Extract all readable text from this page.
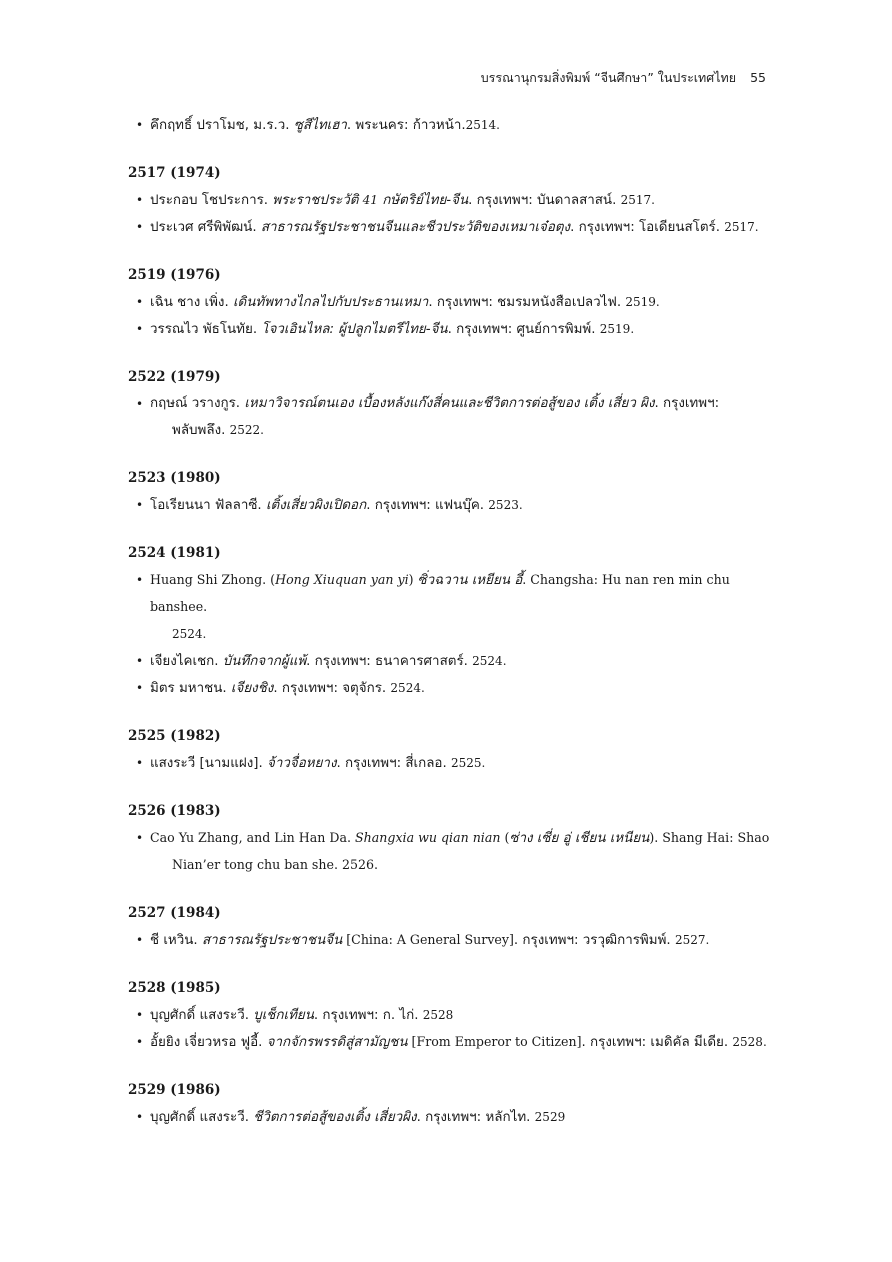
บรรณานุกรมสิ่งพิมพ์ “จีนศึกษา” ในประเทศไทย 55
• คึกฤทธิ์ ปราโมช, ม.ร.ว. ซูสีไทเฮา. พระนคร: ก้าวหน้า.2514.
2517 (1974)
• ประกอบ โชประการ. พระราชประวัติ 41 กษัตริย์ไทย-จีน. กรุงเทพฯ: บันดาลสาสน์. 2517.
• ประเวศ ศรีพิพัฒน์. สาธารณรัฐประชาชนจีนและชีวประวัติของเหมาเจ๋อตุง. กรุงเทพฯ: โอเดียนสโตร์. 2517.
2519 (1976)
• เฉิน ชาง เพิ่ง. เดินทัพทางไกลไปกับประธานเหมา. กรุงเทพฯ: ชมรมหนังสือเปลวไฟ. 2519.
• วรรณไว พัธโนทัย. โจวเอินไหล: ผู้ปลูกไมตรีไทย-จีน. กรุงเทพฯ: ศูนย์การพิมพ์. 2519.
2522 (1979)
• กฤษณ์ วรางกูร. เหมาวิจารณ์ตนเอง เบื้องหลังแก๊งสี่คนและชีวิตการต่อสู้ของ เติ้ง เสี่ยว ผิง. กรุงเทพฯ:
พลับพลึง. 2522.
2523 (1980)
• โอเรียนนา ฟัลลาซี. เติ้งเสี่ยวผิงเปิดอก. กรุงเทพฯ: แฟนบุ๊ค. 2523.
2524 (1981)
• Huang Shi Zhong. (Hong Xiuquan yan yi) ซิ่วฉวาน เหยียน อี้. Changsha: Hu nan ren min chu banshee.
2524.
• เจียงไคเชก. บันทึกจากผู้แพ้. กรุงเทพฯ: ธนาคารศาสตร์. 2524.
• มิตร มหาชน. เจียงชิง. กรุงเทพฯ: จตุจักร. 2524.
2525 (1982)
• แสงระวี [นามแฝง]. จ้าวจื่อหยาง. กรุงเทพฯ: สี่เกลอ. 2525.
2526 (1983)
• Cao Yu Zhang, and Lin Han Da. Shangxia wu qian nian (ซ่าง เซี่ย อู่ เชียน เหนียน). Shang Hai: Shao
Nian’er tong chu ban she. 2526.
2527 (1984)
• ชี เหวิน. สาธารณรัฐประชาชนจีน [China: A General Survey]. กรุงเทพฯ: วรวุฒิการพิมพ์. 2527.
2528 (1985)
• บุญศักดิ์ แสงระวี. บูเช็กเทียน. กรุงเทพฯ: ก. ไก่. 2528
• อั้ยยิง เจี่ยวหรอ ฟูอี้. จากจักรพรรดิสู่สามัญชน [From Emperor to Citizen]. กรุงเทพฯ: เมดิคัล มีเดีย. 2528.
2529 (1986)
• บุญศักดิ์ แสงระวี. ชีวิตการต่อสู้ของเติ้ง เสี่ยวผิง. กรุงเทพฯ: หลักไท. 2529
